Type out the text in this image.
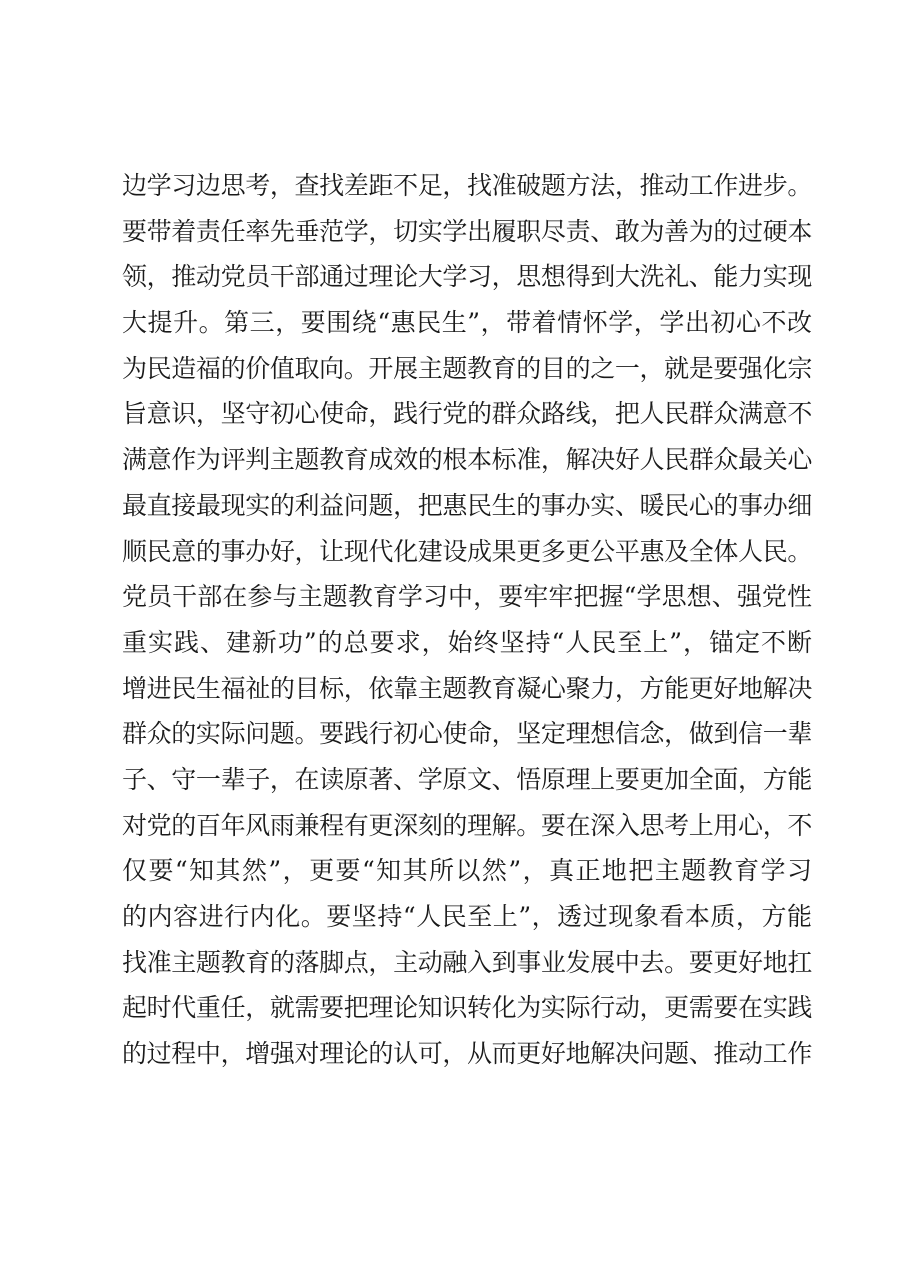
边学习边思考，查找差距不足，找准破题方法，推动工作进步。
要带着责任率先垂范学，切实学出履职尽责、敢为善为的过硬本
领，推动党员干部通过理论大学习，思想得到大洗礼、能力实现
大提升。第三，要围绕“惠民生”，带着情怀学，学出初心不改
为民造福的价值取向。开展主题教育的目的之一，就是要强化宗
旨意识，坚守初心使命，践行党的群众路线，把人民群众满意不
满意作为评判主题教育成效的根本标准，解决好人民群众最关心
最直接最现实的利益问题，把惠民生的事办实、暖民心的事办细
顺民意的事办好，让现代化建设成果更多更公平惠及全体人民。
党员干部在参与主题教育学习中，要牢牢把握“学思想、强党性
重实践、建新功”的总要求，始终坚持“人民至上”，锚定不断
增进民生福祉的目标，依靠主题教育凝心聚力，方能更好地解决
群众的实际问题。要践行初心使命，坚定理想信念，做到信一辈
子、守一辈子，在读原著、学原文、悟原理上要更加全面，方能
对党的百年风雨兼程有更深刻的理解。要在深入思考上用心，不
仅要“知其然”，更要“知其所以然”，真正地把主题教育学习
的内容进行内化。要坚持“人民至上”，透过现象看本质，方能
找准主题教育的落脚点，主动融入到事业发展中去。要更好地扛
起时代重任，就需要把理论知识转化为实际行动，更需要在实践
的过程中，增强对理论的认可，从而更好地解决问题、推动工作
